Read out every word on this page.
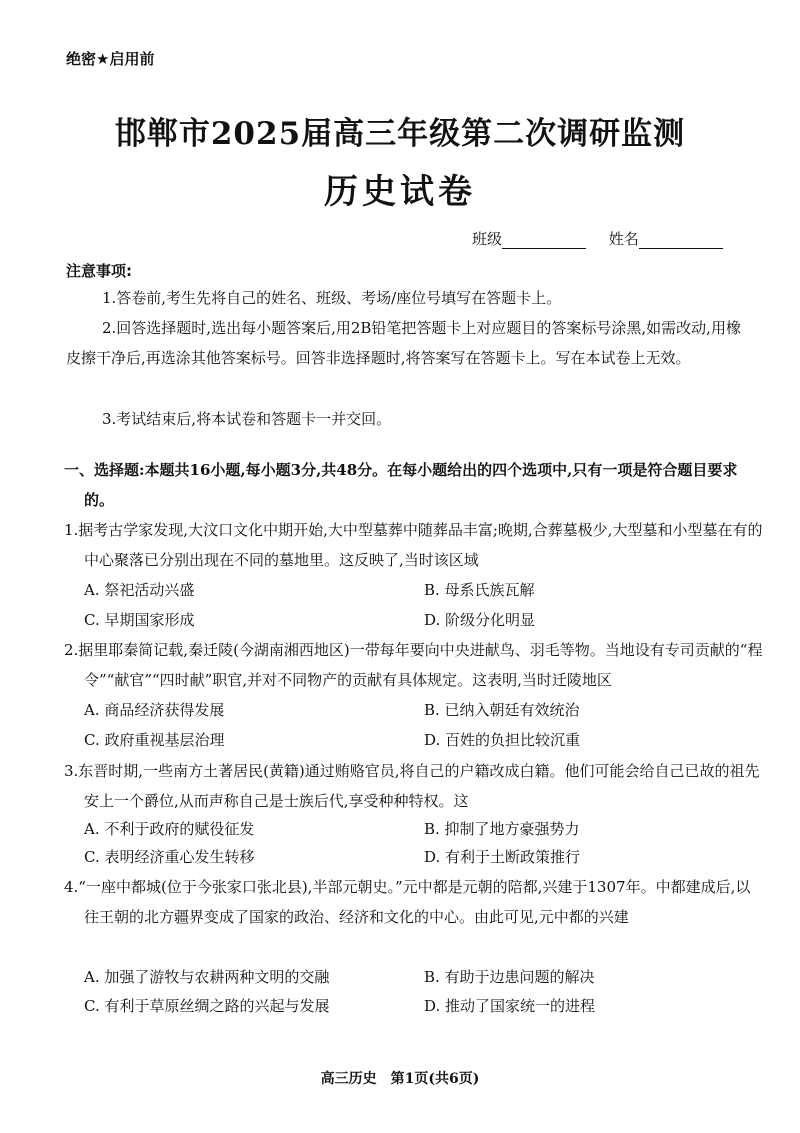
绝密★启用前
邯郸市2025届高三年级第二次调研监测
历史试卷
班级	姓名
注意事项:
1.答卷前,考生先将自己的姓名、班级、考场/座位号填写在答题卡上。
2.回答选择题时,选出每小题答案后,用2B铅笔把答题卡上对应题目的答案标号涂黑,如需改动,用橡皮擦干净后,再选涂其他答案标号。回答非选择题时,将答案写在答题卡上。写在本试卷上无效。
3.考试结束后,将本试卷和答题卡一并交回。
一、选择题:本题共16小题,每小题3分,共48分。在每小题给出的四个选项中,只有一项是符合题目要求的。
1.据考古学家发现,大汶口文化中期开始,大中型墓葬中随葬品丰富;晚期,合葬墓极少,大型墓和小型墓在有的中心聚落已分别出现在不同的墓地里。这反映了,当时该区域
A. 祭祀活动兴盛	B. 母系氏族瓦解
C. 早期国家形成	D. 阶级分化明显
2.据里耶秦简记载,秦迁陵(今湖南湘西地区)一带每年要向中央进献鸟、羽毛等物。当地设有专司贡献的“程令”“献官”“四时献”职官,并对不同物产的贡献有具体规定。这表明,当时迁陵地区
A. 商品经济获得发展	B. 已纳入朝廷有效统治
C. 政府重视基层治理	D. 百姓的负担比较沉重
3.东晋时期,一些南方土著居民(黄籍)通过贿赂官员,将自己的户籍改成白籍。他们可能会给自己已故的祖先安上一个爵位,从而声称自己是士族后代,享受种种特权。这
A. 不利于政府的赋役征发	B. 抑制了地方豪强势力
C. 表明经济重心发生转移	D. 有利于土断政策推行
4.“一座中都城(位于今张家口张北县),半部元朝史。”元中都是元朝的陪都,兴建于1307年。中都建成后,以往王朝的北方疆界变成了国家的政治、经济和文化的中心。由此可见,元中都的兴建
A. 加强了游牧与农耕两种文明的交融	B. 有助于边患问题的解决
C. 有利于草原丝绸之路的兴起与发展	D. 推动了国家统一的进程
高三历史　第1页(共6页)
